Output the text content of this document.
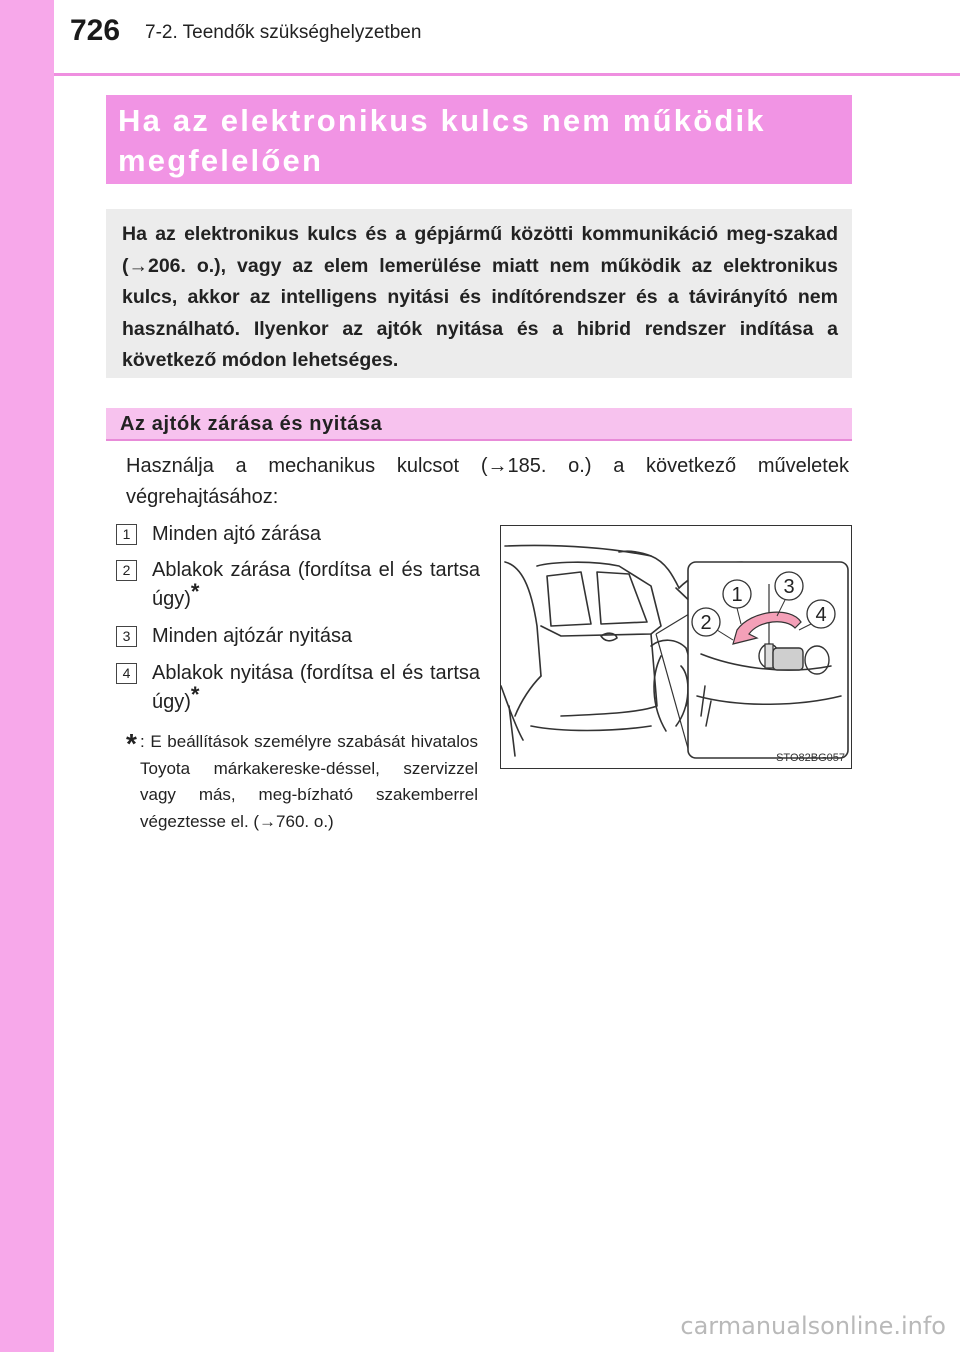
726 7-2. Teendők szükséghelyzetben
Ha az elektronikus kulcs nem működik megfelelően
Ha az elektronikus kulcs és a gépjármű közötti kommunikáció meg-szakad (→206. o.), vagy az elem lemerülése miatt nem működik az elektronikus kulcs, akkor az intelligens nyitási és indítórendszer és a távirányító nem használható. Ilyenkor az ajtók nyitása és a hibrid rendszer indítása a következő módon lehetséges.
Az ajtók zárása és nyitása
Használja a mechanikus kulcsot (→185. o.) a következő műveletek végrehajtásához:
1	Minden ajtó zárása
2	Ablakok zárása (fordítsa el és tartsa úgy)*
3	Minden ajtózár nyitása
4	Ablakok nyitása (fordítsa el és tartsa úgy)*
* : E beállítások személyre szabását hivatalos Toyota márkakereske-déssel, szervizzel vagy más, meg-bízható szakemberrel végeztesse el. (→760. o.)
1
2
3
4
STO82BG057
carmanualsonline.info
